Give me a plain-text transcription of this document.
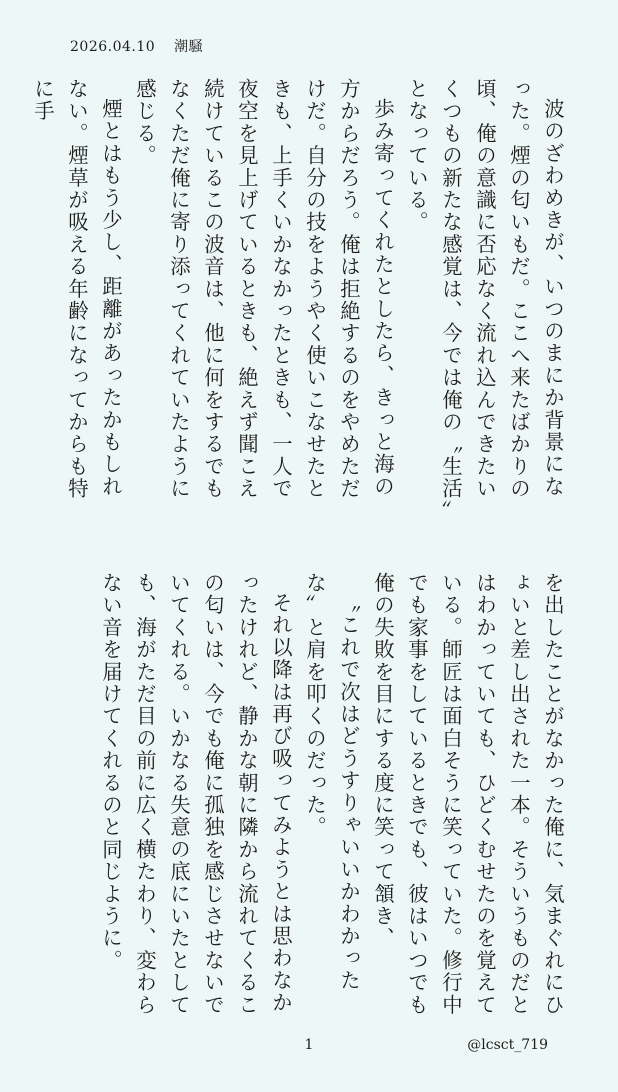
2026.04.10 潮騒

波のざわめきが、いつのまにか背景になった。煙の匂いもだ。ここへ来たばかりの頃、俺の意識に否応なく流れ込んできたいくつもの新たな感覚は、今では俺の〝生活〟となっている。

歩み寄ってくれたとしたら、きっと海の方からだろう。俺は拒絶するのをやめただけだ。自分の技をようやく使いこなせたときも、上手くいかなかったときも、一人で夜空を見上げているときも、絶えず聞こえ続けているこの波音は、他に何をするでもなくただ俺に寄り添ってくれていたように感じる。

煙とはもう少し、距離があったかもしれない。煙草が吸える年齢になってからも特に手

を出したことがなかった俺に、気まぐれにひょいと差し出された一本。そういうものだとはわかっていても、ひどくむせたのを覚えている。師匠は面白そうに笑っていた。修行中でも家事をしているときでも、彼はいつでも俺の失敗を目にする度に笑って頷き、

〝これで次はどうすりゃいいかわかったな〟と肩を叩くのだった。

それ以降は再び吸ってみようとは思わなかったけれど、静かな朝に隣から流れてくるこの匂いは、今でも俺に孤独を感じさせないでいてくれる。いかなる失意の底にいたとしても、海がただ目の前に広く横たわり、変わらない音を届けてくれるのと同じように。

1	@lcsct_719
